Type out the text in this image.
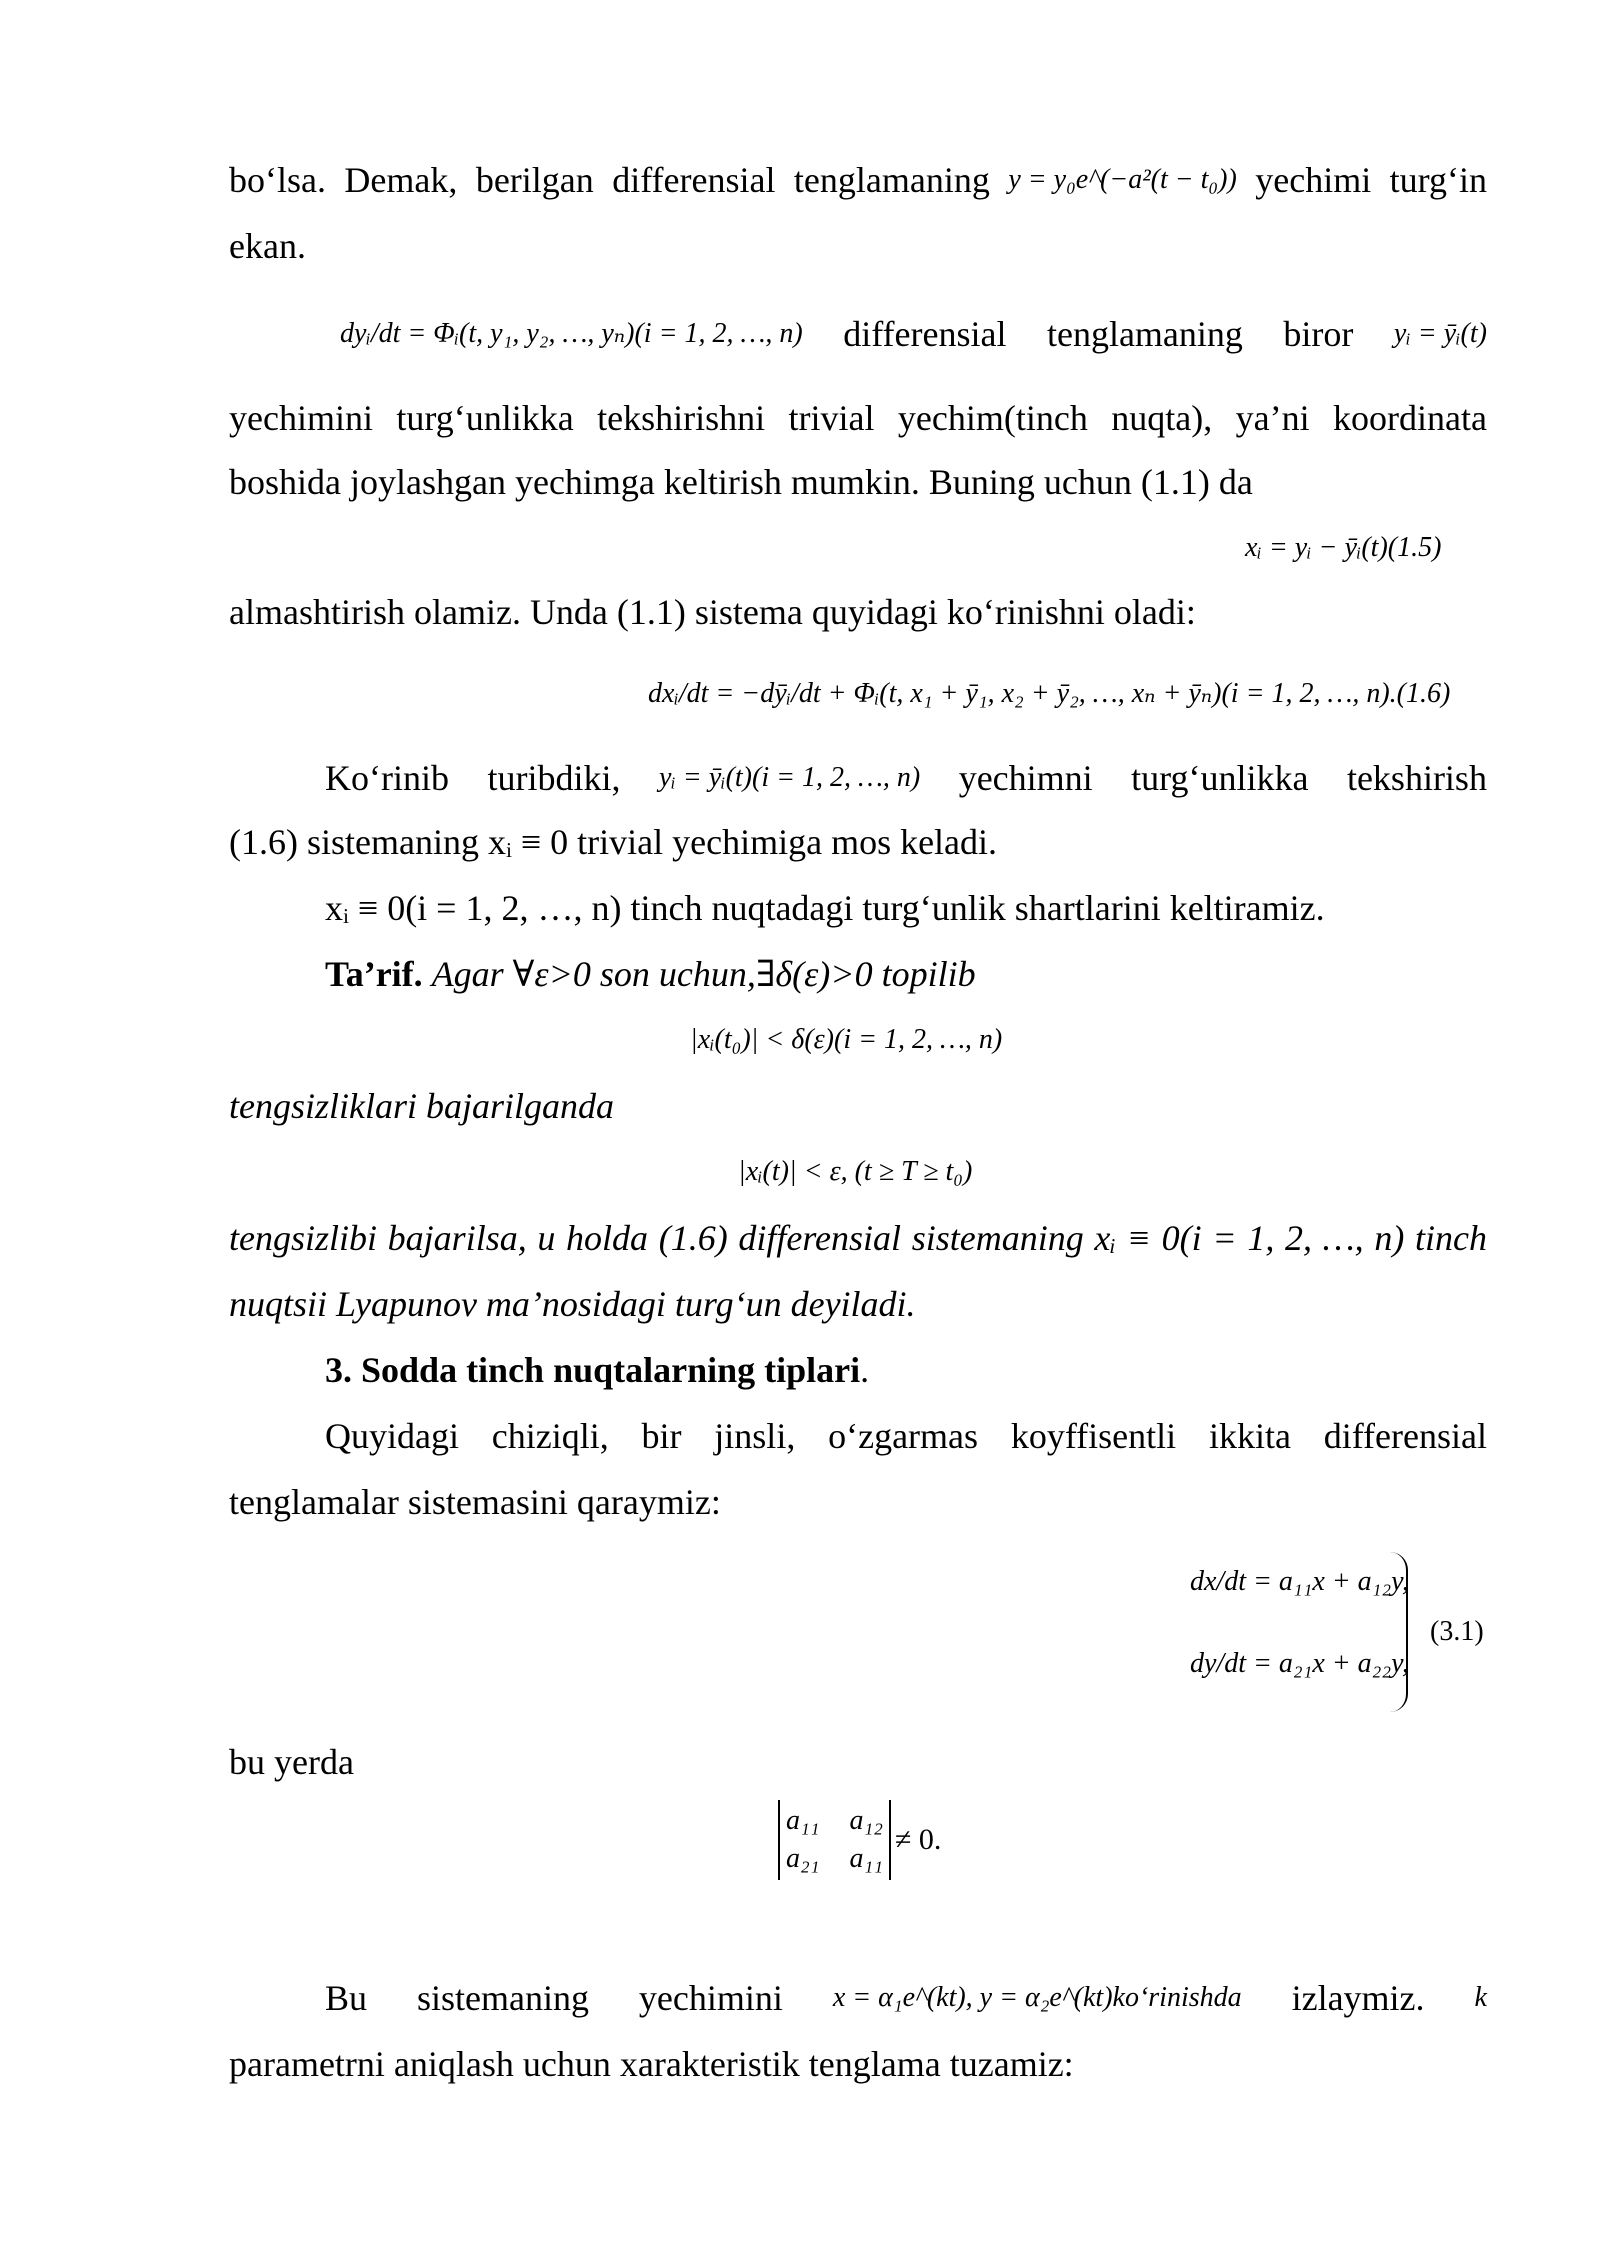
bo‘lsa. Demak, berilgan differensial tenglamaning y = y₀e^(−a²(t − t₀)) yechimi turg‘in
ekan.
dyᵢ/dt = Φᵢ(t, y₁, y₂, …, yₙ)(i = 1, 2, …, n) differensial tenglamaning biror yᵢ = ȳᵢ(t)
yechimini turg‘unlikka tekshirishni trivial yechim(tinch nuqta), ya’ni koordinata
boshida joylashgan yechimga keltirish mumkin. Buning uchun (1.1) da
xᵢ = yᵢ − ȳᵢ(t)(1.5)
almashtirish olamiz. Unda (1.1) sistema quyidagi ko‘rinishni oladi:
dxᵢ/dt = −dȳᵢ/dt + Φᵢ(t, x₁ + ȳ₁, x₂ + ȳ₂, …, xₙ + ȳₙ)(i = 1, 2, …, n).(1.6)
Ko‘rinib turibdiki, yᵢ = ȳᵢ(t)(i = 1, 2, …, n) yechimni turg‘unlikka tekshirish
(1.6) sistemaning xᵢ ≡ 0 trivial yechimiga mos keladi.
xᵢ ≡ 0(i = 1, 2, …, n) tinch nuqtadagi turg‘unlik shartlarini keltiramiz.
Ta’rif. Agar ∀ε>0 son uchun,∃δ(ε)>0 topilib
|xᵢ(t₀)| < δ(ε)(i = 1, 2, …, n)
tengsizliklari bajarilganda
|xᵢ(t)| < ε, (t ≥ T ≥ t₀)
tengsizlibi bajarilsa, u holda (1.6) differensial sistemaning xᵢ ≡ 0(i = 1, 2, …, n) tinch
nuqtsii Lyapunov ma’nosidagi turg‘un deyiladi.
3. Sodda tinch nuqtalarning tiplari.
Quyidagi chiziqli, bir jinsli, o‘zgarmas koyffisentli ikkita differensial
tenglamalar sistemasini qaraymiz:
dx/dt = a₁₁x + a₁₂y,
dy/dt = a₂₁x + a₂₂y,
(3.1)
bu yerda
a₁₁ a₁₂
a₂₁ a₁₁
≠ 0.
Bu sistemaning yechimini x = α₁e^(kt), y = α₂e^(kt)ko‘rinishda izlaymiz. k
parametrni aniqlash uchun xarakteristik tenglama tuzamiz:
